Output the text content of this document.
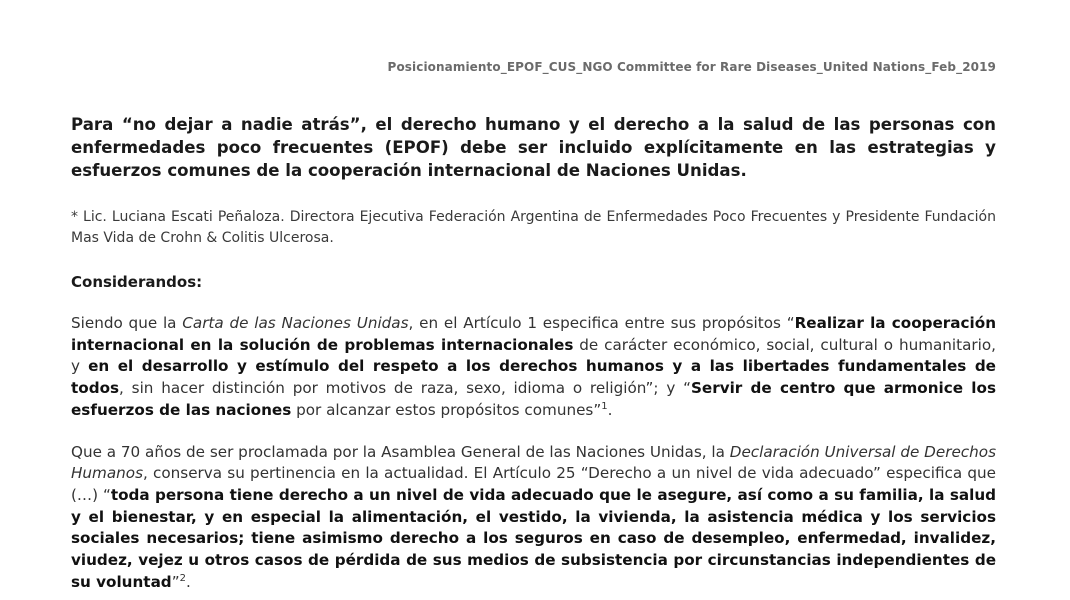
Posicionamiento_EPOF_CUS_NGO Committee for Rare Diseases_United Nations_Feb_2019

Para “no dejar a nadie atrás”, el derecho humano y el derecho a la salud de las personas con enfermedades poco frecuentes (EPOF) debe ser incluido explícitamente en las estrategias y esfuerzos comunes de la cooperación internacional de Naciones Unidas.

* Lic. Luciana Escati Peñaloza. Directora Ejecutiva Federación Argentina de Enfermedades Poco Frecuentes y Presidente Fundación Mas Vida de Crohn & Colitis Ulcerosa.

Considerandos:

Siendo que la Carta de las Naciones Unidas, en el Artículo 1 especifica entre sus propósitos “Realizar la cooperación internacional en la solución de problemas internacionales de carácter económico, social, cultural o humanitario, y en el desarrollo y estímulo del respeto a los derechos humanos y a las libertades fundamentales de todos, sin hacer distinción por motivos de raza, sexo, idioma o religión”; y “Servir de centro que armonice los esfuerzos de las naciones por alcanzar estos propósitos comunes”$^1$.

Que a 70 años de ser proclamada por la Asamblea General de las Naciones Unidas, la Declaración Universal de Derechos Humanos, conserva su pertinencia en la actualidad. El Artículo 25 “Derecho a un nivel de vida adecuado” especifica que (…) “toda persona tiene derecho a un nivel de vida adecuado que le asegure, así como a su familia, la salud y el bienestar, y en especial la alimentación, el vestido, la vivienda, la asistencia médica y los servicios sociales necesarios; tiene asimismo derecho a los seguros en caso de desempleo, enfermedad, invalidez, viudez, vejez u otros casos de pérdida de sus medios de subsistencia por circunstancias independientes de su voluntad”$^2$.
